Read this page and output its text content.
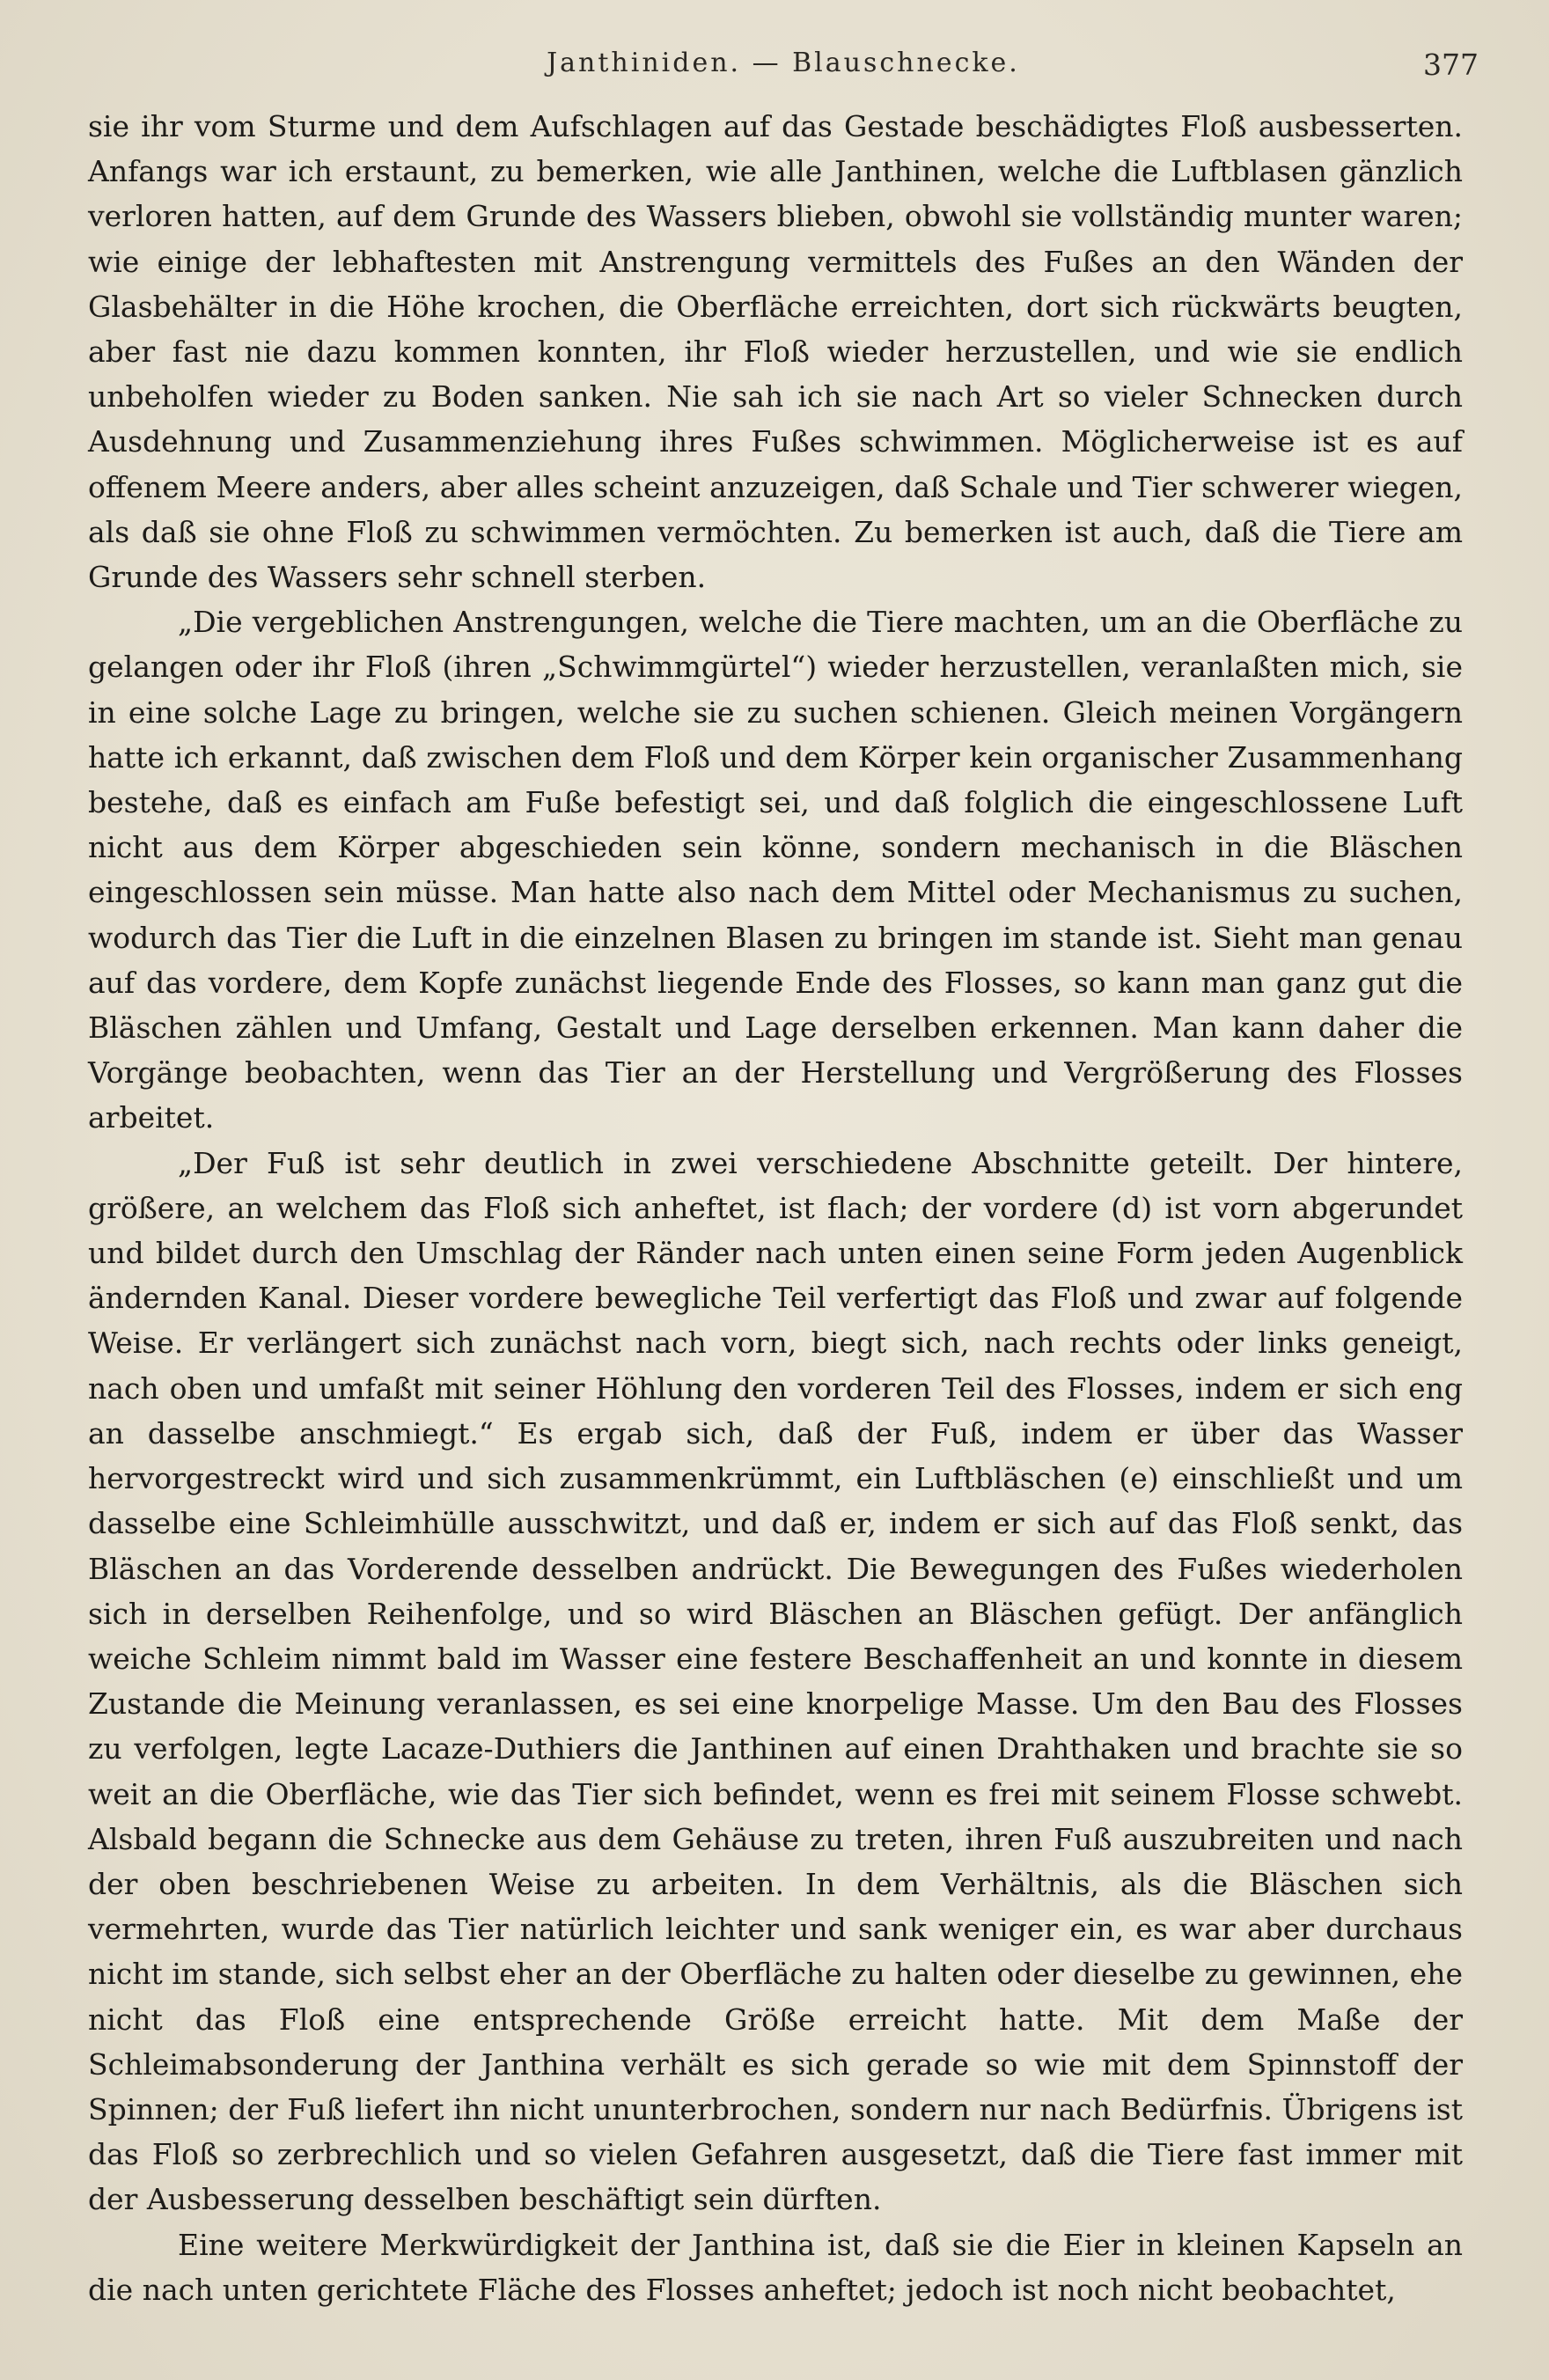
Janthiniden. — Blauschnecke.	377

sie ihr vom Sturme und dem Aufschlagen auf das Gestade beschädigtes Floß ausbesserten. Anfangs war ich erstaunt, zu bemerken, wie alle Janthinen, welche die Luftblasen gänzlich verloren hatten, auf dem Grunde des Wassers blieben, obwohl sie vollständig munter waren; wie einige der lebhaftesten mit Anstrengung vermittels des Fußes an den Wänden der Glasbehälter in die Höhe krochen, die Oberfläche erreichten, dort sich rückwärts beugten, aber fast nie dazu kommen konnten, ihr Floß wieder herzustellen, und wie sie endlich unbeholfen wieder zu Boden sanken. Nie sah ich sie nach Art so vieler Schnecken durch Ausdehnung und Zusammenziehung ihres Fußes schwimmen. Möglicherweise ist es auf offenem Meere anders, aber alles scheint anzuzeigen, daß Schale und Tier schwerer wiegen, als daß sie ohne Floß zu schwimmen vermöchten. Zu bemerken ist auch, daß die Tiere am Grunde des Wassers sehr schnell sterben.

„Die vergeblichen Anstrengungen, welche die Tiere machten, um an die Oberfläche zu gelangen oder ihr Floß (ihren „Schwimmgürtel“) wieder herzustellen, veranlaßten mich, sie in eine solche Lage zu bringen, welche sie zu suchen schienen. Gleich meinen Vorgängern hatte ich erkannt, daß zwischen dem Floß und dem Körper kein organischer Zusammenhang bestehe, daß es einfach am Fuße befestigt sei, und daß folglich die eingeschlossene Luft nicht aus dem Körper abgeschieden sein könne, sondern mechanisch in die Bläschen eingeschlossen sein müsse. Man hatte also nach dem Mittel oder Mechanismus zu suchen, wodurch das Tier die Luft in die einzelnen Blasen zu bringen im stande ist. Sieht man genau auf das vordere, dem Kopfe zunächst liegende Ende des Flosses, so kann man ganz gut die Bläschen zählen und Umfang, Gestalt und Lage derselben erkennen. Man kann daher die Vorgänge beobachten, wenn das Tier an der Herstellung und Vergrößerung des Flosses arbeitet.

„Der Fuß ist sehr deutlich in zwei verschiedene Abschnitte geteilt. Der hintere, größere, an welchem das Floß sich anheftet, ist flach; der vordere (d) ist vorn abgerundet und bildet durch den Umschlag der Ränder nach unten einen seine Form jeden Augenblick ändernden Kanal. Dieser vordere bewegliche Teil verfertigt das Floß und zwar auf folgende Weise. Er verlängert sich zunächst nach vorn, biegt sich, nach rechts oder links geneigt, nach oben und umfaßt mit seiner Höhlung den vorderen Teil des Flosses, indem er sich eng an dasselbe anschmiegt.“ Es ergab sich, daß der Fuß, indem er über das Wasser hervorgestreckt wird und sich zusammenkrümmt, ein Luftbläschen (e) einschließt und um dasselbe eine Schleimhülle ausschwitzt, und daß er, indem er sich auf das Floß senkt, das Bläschen an das Vorderende desselben andrückt. Die Bewegungen des Fußes wiederholen sich in derselben Reihenfolge, und so wird Bläschen an Bläschen gefügt. Der anfänglich weiche Schleim nimmt bald im Wasser eine festere Beschaffenheit an und konnte in diesem Zustande die Meinung veranlassen, es sei eine knorpelige Masse. Um den Bau des Flosses zu verfolgen, legte Lacaze-Duthiers die Janthinen auf einen Drahthaken und brachte sie so weit an die Oberfläche, wie das Tier sich befindet, wenn es frei mit seinem Flosse schwebt. Alsbald begann die Schnecke aus dem Gehäuse zu treten, ihren Fuß auszubreiten und nach der oben beschriebenen Weise zu arbeiten. In dem Verhältnis, als die Bläschen sich vermehrten, wurde das Tier natürlich leichter und sank weniger ein, es war aber durchaus nicht im stande, sich selbst eher an der Oberfläche zu halten oder dieselbe zu gewinnen, ehe nicht das Floß eine entsprechende Größe erreicht hatte. Mit dem Maße der Schleimabsonderung der Janthina verhält es sich gerade so wie mit dem Spinnstoff der Spinnen; der Fuß liefert ihn nicht ununterbrochen, sondern nur nach Bedürfnis. Übrigens ist das Floß so zerbrechlich und so vielen Gefahren ausgesetzt, daß die Tiere fast immer mit der Ausbesserung desselben beschäftigt sein dürften.

Eine weitere Merkwürdigkeit der Janthina ist, daß sie die Eier in kleinen Kapseln an die nach unten gerichtete Fläche des Flosses anheftet; jedoch ist noch nicht beobachtet,
